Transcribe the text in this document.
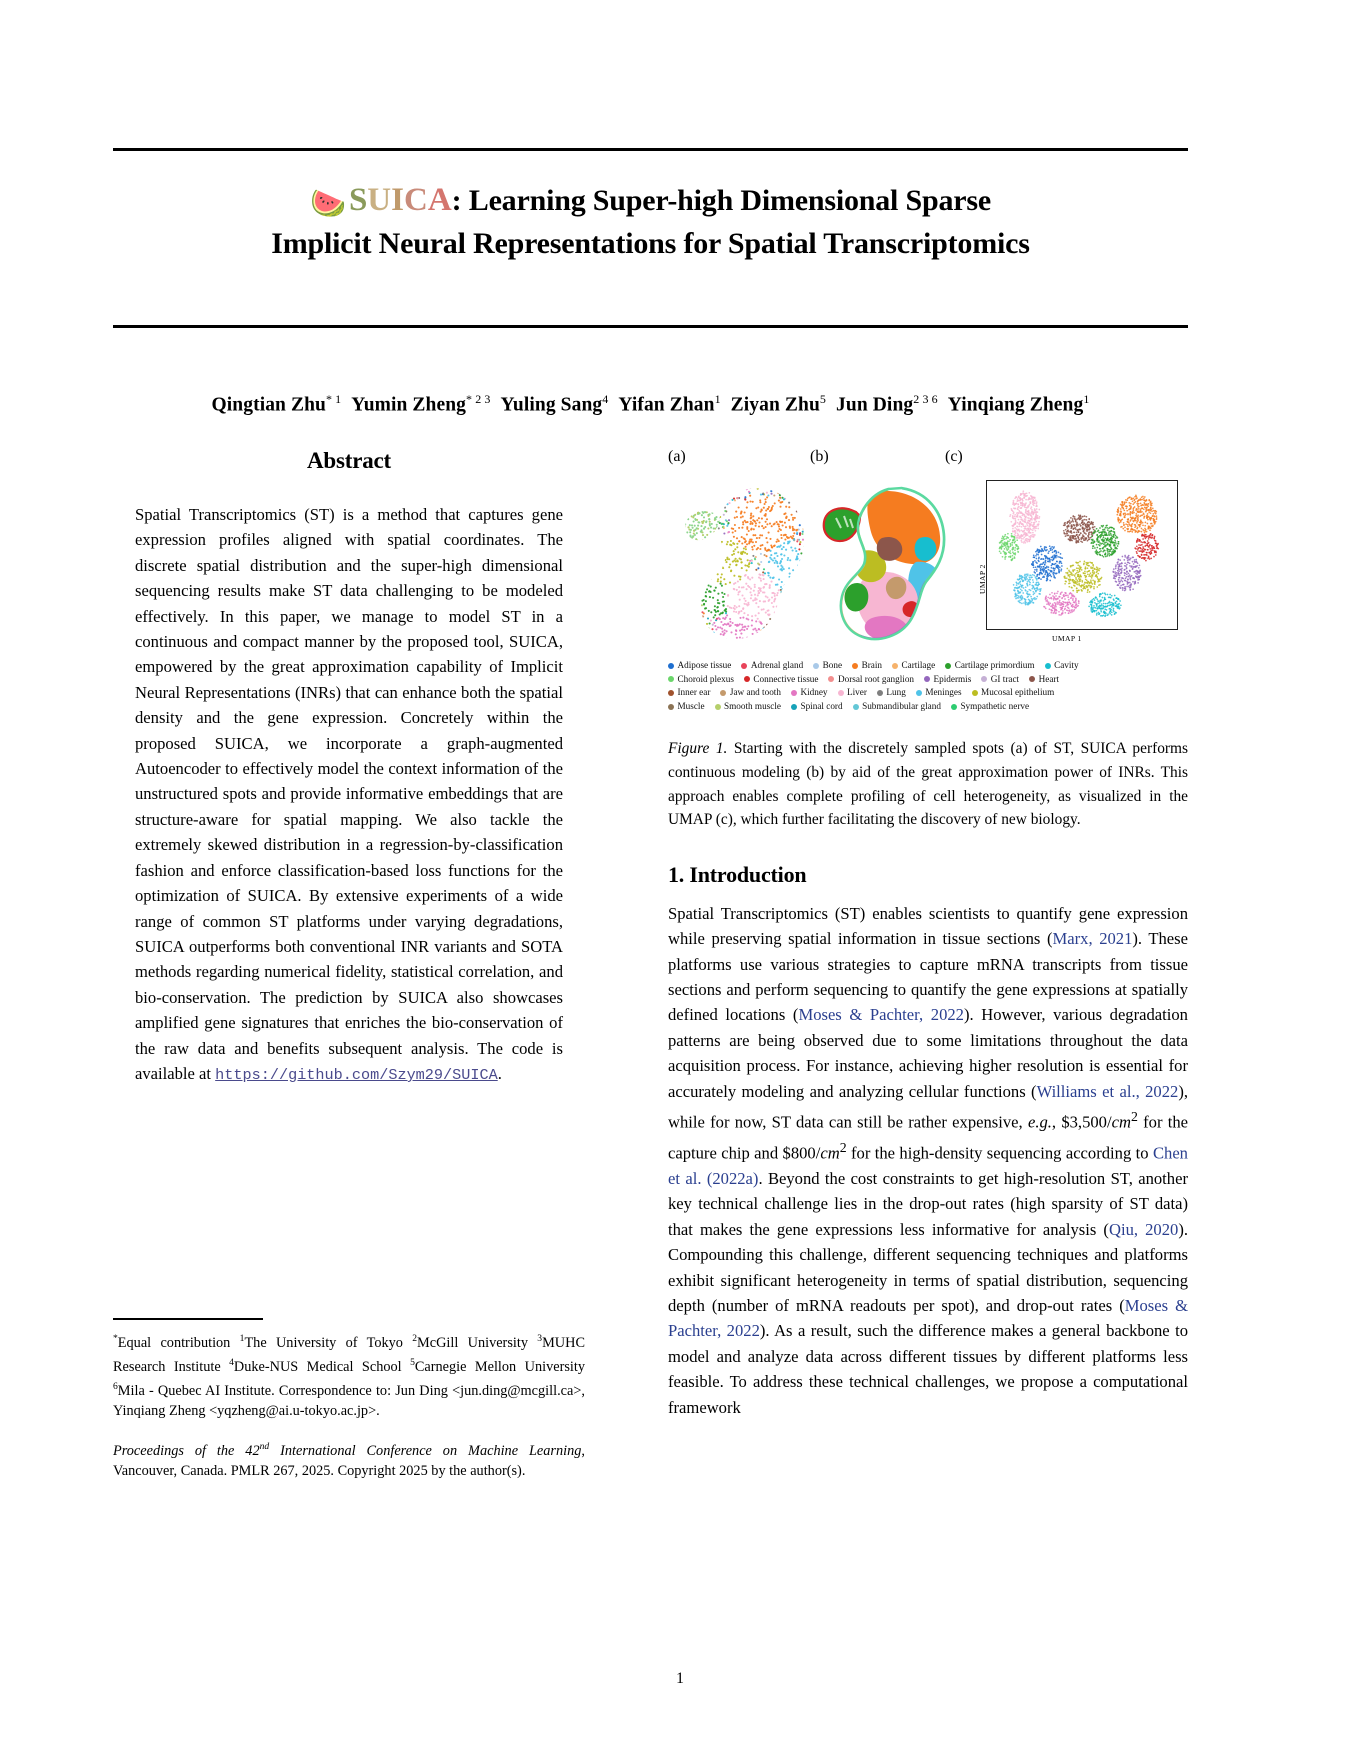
🍉SUICA: Learning Super-high Dimensional Sparse
Implicit Neural Representations for Spatial Transcriptomics
Qingtian Zhu$^{* 1}$ Yumin Zheng$^{* 2 3}$ Yuling Sang$^4$ Yifan Zhan$^1$ Ziyan Zhu$^5$ Jun Ding$^{2 3 6}$ Yinqiang Zheng$^1$
Abstract
Spatial Transcriptomics (ST) is a method that captures gene expression profiles aligned with spatial coordinates. The discrete spatial distribution and the super-high dimensional sequencing results make ST data challenging to be modeled effectively. In this paper, we manage to model ST in a continuous and compact manner by the proposed tool, SUICA, empowered by the great approximation capability of Implicit Neural Representations (INRs) that can enhance both the spatial density and the gene expression. Concretely within the proposed SUICA, we incorporate a graph-augmented Autoencoder to effectively model the context information of the unstructured spots and provide informative embeddings that are structure-aware for spatial mapping. We also tackle the extremely skewed distribution in a regression-by-classification fashion and enforce classification-based loss functions for the optimization of SUICA. By extensive experiments of a wide range of common ST platforms under varying degradations, SUICA outperforms both conventional INR variants and SOTA methods regarding numerical fidelity, statistical correlation, and bio-conservation. The prediction by SUICA also showcases amplified gene signatures that enriches the bio-conservation of the raw data and benefits subsequent analysis. The code is available at https://github.com/Szym29/SUICA.
(a)	(b)	(c)
UMAP 2
UMAP 1
Adipose tissue Adrenal gland Bone Brain Cartilage Cartilage primordium Cavity
Choroid plexus Connective tissue Dorsal root ganglion Epidermis GI tract Heart
Inner ear Jaw and tooth Kidney Liver Lung Meninges Mucosal epithelium
Muscle Smooth muscle Spinal cord Submandibular gland Sympathetic nerve
Figure 1. Starting with the discretely sampled spots (a) of ST, SUICA performs continuous modeling (b) by aid of the great approximation power of INRs. This approach enables complete profiling of cell heterogeneity, as visualized in the UMAP (c), which further facilitating the discovery of new biology.
1. Introduction
Spatial Transcriptomics (ST) enables scientists to quantify gene expression while preserving spatial information in tissue sections (Marx, 2021). These platforms use various strategies to capture mRNA transcripts from tissue sections and perform sequencing to quantify the gene expressions at spatially defined locations (Moses & Pachter, 2022). However, various degradation patterns are being observed due to some limitations throughout the data acquisition process. For instance, achieving higher resolution is essential for accurately modeling and analyzing cellular functions (Williams et al., 2022), while for now, ST data can still be rather expensive, e.g., $\$3,500/cm^2$ for the capture chip and $\$800/cm^2$ for the high-density sequencing according to Chen et al. (2022a). Beyond the cost constraints to get high-resolution ST, another key technical challenge lies in the drop-out rates (high sparsity of ST data) that makes the gene expressions less informative for analysis (Qiu, 2020). Compounding this challenge, different sequencing techniques and platforms exhibit significant heterogeneity in terms of spatial distribution, sequencing depth (number of mRNA readouts per spot), and drop-out rates (Moses & Pachter, 2022). As a result, such the difference makes a general backbone to model and analyze data across different tissues by different platforms less feasible. To address these technical challenges, we propose a computational framework
*Equal contribution $^1$The University of Tokyo $^2$McGill University $^3$MUHC Research Institute $^4$Duke-NUS Medical School $^5$Carnegie Mellon University $^6$Mila - Quebec AI Institute. Correspondence to: Jun Ding <jun.ding@mcgill.ca>, Yinqiang Zheng <yqzheng@ai.u-tokyo.ac.jp>.
Proceedings of the 42nd International Conference on Machine Learning, Vancouver, Canada. PMLR 267, 2025. Copyright 2025 by the author(s).
1
